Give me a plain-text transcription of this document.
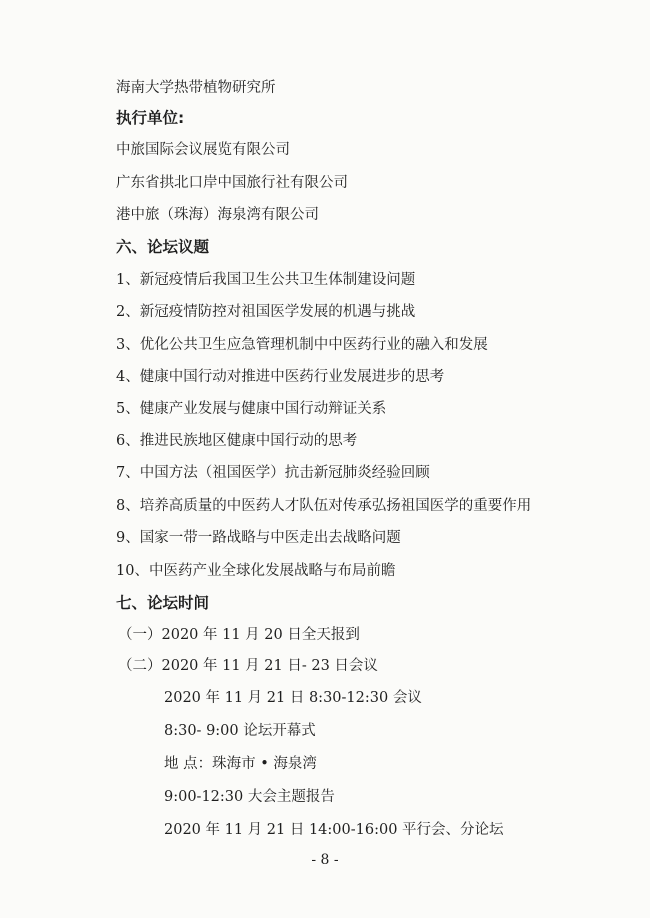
海南大学热带植物研究所
执行单位:
中旅国际会议展览有限公司
广东省拱北口岸中国旅行社有限公司
港中旅（珠海）海泉湾有限公司
六、论坛议题
1、新冠疫情后我国卫生公共卫生体制建设问题
2、新冠疫情防控对祖国医学发展的机遇与挑战
3、优化公共卫生应急管理机制中中医药行业的融入和发展
4、健康中国行动对推进中医药行业发展进步的思考
5、健康产业发展与健康中国行动辩证关系
6、推进民族地区健康中国行动的思考
7、中国方法（祖国医学）抗击新冠肺炎经验回顾
8、培养高质量的中医药人才队伍对传承弘扬祖国医学的重要作用
9、国家一带一路战略与中医走出去战略问题
10、中医药产业全球化发展战略与布局前瞻
七、论坛时间
（一）2020 年 11 月 20 日全天报到
（二）2020 年 11 月 21 日- 23 日会议
2020 年 11 月 21 日 8:30-12:30 会议
8:30- 9:00 论坛开幕式
地 点：珠海市 • 海泉湾
9:00-12:30 大会主题报告
2020 年 11 月 21 日 14:00-16:00 平行会、分论坛
- 8 -
